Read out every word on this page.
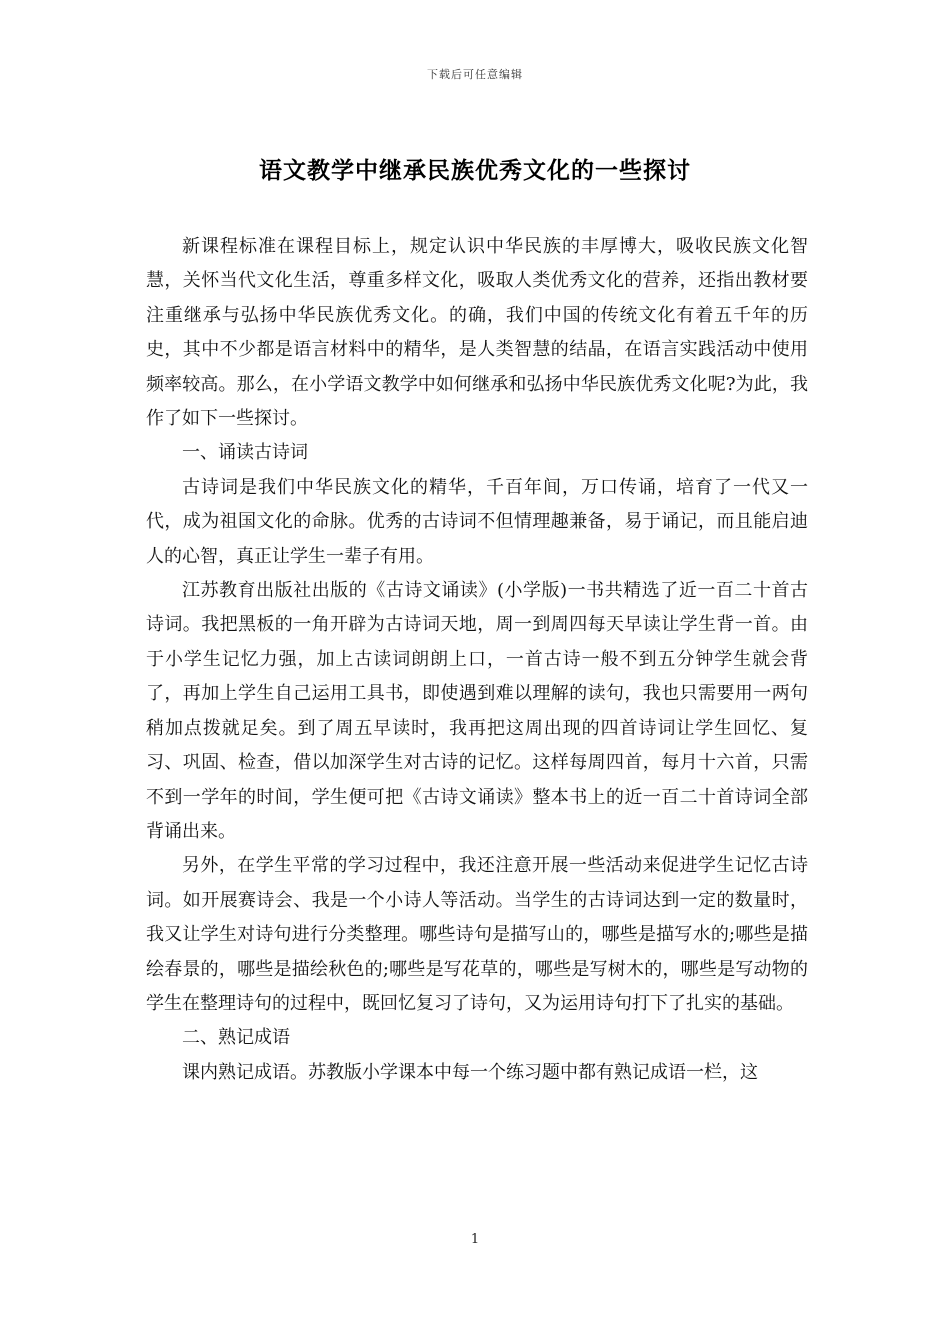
下载后可任意编辑
语文教学中继承民族优秀文化的一些探讨

新课程标准在课程目标上，规定认识中华民族的丰厚博大，吸收民族文化智慧，关怀当代文化生活，尊重多样文化，吸取人类优秀文化的营养，还指出教材要注重继承与弘扬中华民族优秀文化。的确，我们中国的传统文化有着五千年的历史，其中不少都是语言材料中的精华，是人类智慧的结晶，在语言实践活动中使用频率较高。那么，在小学语文教学中如何继承和弘扬中华民族优秀文化呢?为此，我作了如下一些探讨。

一、诵读古诗词

古诗词是我们中华民族文化的精华，千百年间，万口传诵，培育了一代又一代，成为祖国文化的命脉。优秀的古诗词不但情理趣兼备，易于诵记，而且能启迪人的心智，真正让学生一辈子有用。

江苏教育出版社出版的《古诗文诵读》(小学版)一书共精选了近一百二十首古诗词。我把黑板的一角开辟为古诗词天地，周一到周四每天早读让学生背一首。由于小学生记忆力强，加上古读词朗朗上口，一首古诗一般不到五分钟学生就会背了，再加上学生自己运用工具书，即使遇到难以理解的读句，我也只需要用一两句稍加点拨就足矣。到了周五早读时，我再把这周出现的四首诗词让学生回忆、复习、巩固、检查，借以加深学生对古诗的记忆。这样每周四首，每月十六首，只需不到一学年的时间，学生便可把《古诗文诵读》整本书上的近一百二十首诗词全部背诵出来。

另外，在学生平常的学习过程中，我还注意开展一些活动来促进学生记忆古诗词。如开展赛诗会、我是一个小诗人等活动。当学生的古诗词达到一定的数量时，我又让学生对诗句进行分类整理。哪些诗句是描写山的，哪些是描写水的;哪些是描绘春景的，哪些是描绘秋色的;哪些是写花草的，哪些是写树木的，哪些是写动物的学生在整理诗句的过程中，既回忆复习了诗句，又为运用诗句打下了扎实的基础。

二、熟记成语

课内熟记成语。苏教版小学课本中每一个练习题中都有熟记成语一栏，这

1
